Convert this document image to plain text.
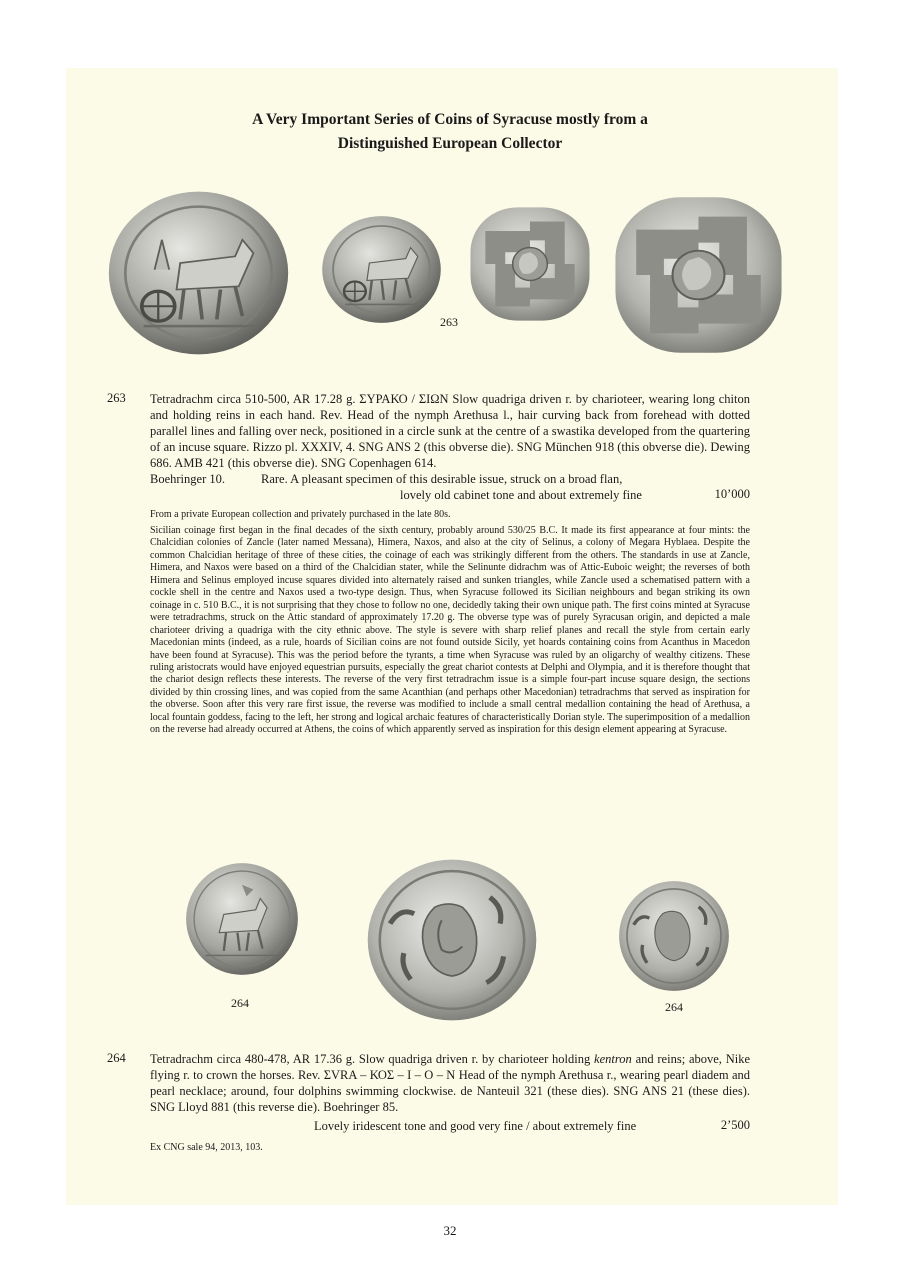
A Very Important Series of Coins of Syracuse mostly from a
Distinguished European Collector
263
263 Tetradrachm circa 510-500, AR 17.28 g. ΣΥΡΑΚΟ / ΣΙΩΝ Slow quadriga driven r. by charioteer, wearing long chiton and holding reins in each hand. Rev. Head of the nymph Arethusa l., hair curving back from forehead with dotted parallel lines and falling over neck, positioned in a circle sunk at the centre of a swastika developed from the quartering of an incuse square. Rizzo pl. XXXIV, 4. SNG ANS 2 (this obverse die). SNG München 918 (this obverse die). Dewing 686. AMB 421 (this obverse die). SNG Copenhagen 614.

Boehringer 10.	Rare. A pleasant specimen of this desirable issue, struck on a broad flan,

lovely old cabinet tone and about extremely fine	10’000
From a private European collection and privately purchased in the late 80s.

Sicilian coinage first began in the final decades of the sixth century, probably around 530/25 B.C. It made its first appearance at four mints: the Chalcidian colonies of Zancle (later named Messana), Himera, Naxos, and also at the city of Selinus, a colony of Megara Hyblaea. Despite the common Chalcidian heritage of three of these cities, the coinage of each was strikingly different from the others. The standards in use at Zancle, Himera, and Naxos were based on a third of the Chalcidian stater, while the Selinunte didrachm was of Attic-Euboic weight; the reverses of both Himera and Selinus employed incuse squares divided into alternately raised and sunken triangles, while Zancle used a schematised pattern with a cockle shell in the centre and Naxos used a two-type design. Thus, when Syracuse followed its Sicilian neighbours and began striking its own coinage in c. 510 B.C., it is not surprising that they chose to follow no one, decidedly taking their own unique path. The first coins minted at Syracuse were tetradrachms, struck on the Attic standard of approximately 17.20 g. The obverse type was of purely Syracusan origin, and depicted a male charioteer driving a quadriga with the city ethnic above. The style is severe with sharp relief planes and recall the style from certain early Macedonian mints (indeed, as a rule, hoards of Sicilian coins are not found outside Sicily, yet hoards containing coins from Acanthus in Macedon have been found at Syracuse). This was the period before the tyrants, a time when Syracuse was ruled by an oligarchy of wealthy citizens. These ruling aristocrats would have enjoyed equestrian pursuits, especially the great chariot contests at Delphi and Olympia, and it is therefore thought that the chariot design reflects these interests. The reverse of the very first tetradrachm issue is a simple four-part incuse square design, the sections divided by thin crossing lines, and was copied from the same Acanthian (and perhaps other Macedonian) tetradrachms that served as inspiration for the obverse. Soon after this very rare first issue, the reverse was modified to include a small central medallion containing the head of Arethusa, a local fountain goddess, facing to the left, her strong and logical archaic features of characteristically Dorian style. The superimposition of a medallion on the reverse had already occurred at Athens, the coins of which apparently served as inspiration for this design element appearing at Syracuse.

264	264
264 Tetradrachm circa 480-478, AR 17.36 g. Slow quadriga driven r. by charioteer holding kentron and reins; above, Nike flying r. to crown the horses. Rev. ΣVRA – ΚΟΣ – Ι – Ο – Ν Head of the nymph Arethusa r., wearing pearl diadem and pearl necklace; around, four dolphins swimming clockwise. de Nanteuil 321 (these dies). SNG ANS 21 (these dies). SNG Lloyd 881 (this reverse die). Boehringer 85.

Lovely iridescent tone and good very fine / about extremely fine	2’500
Ex CNG sale 94, 2013, 103.
32
